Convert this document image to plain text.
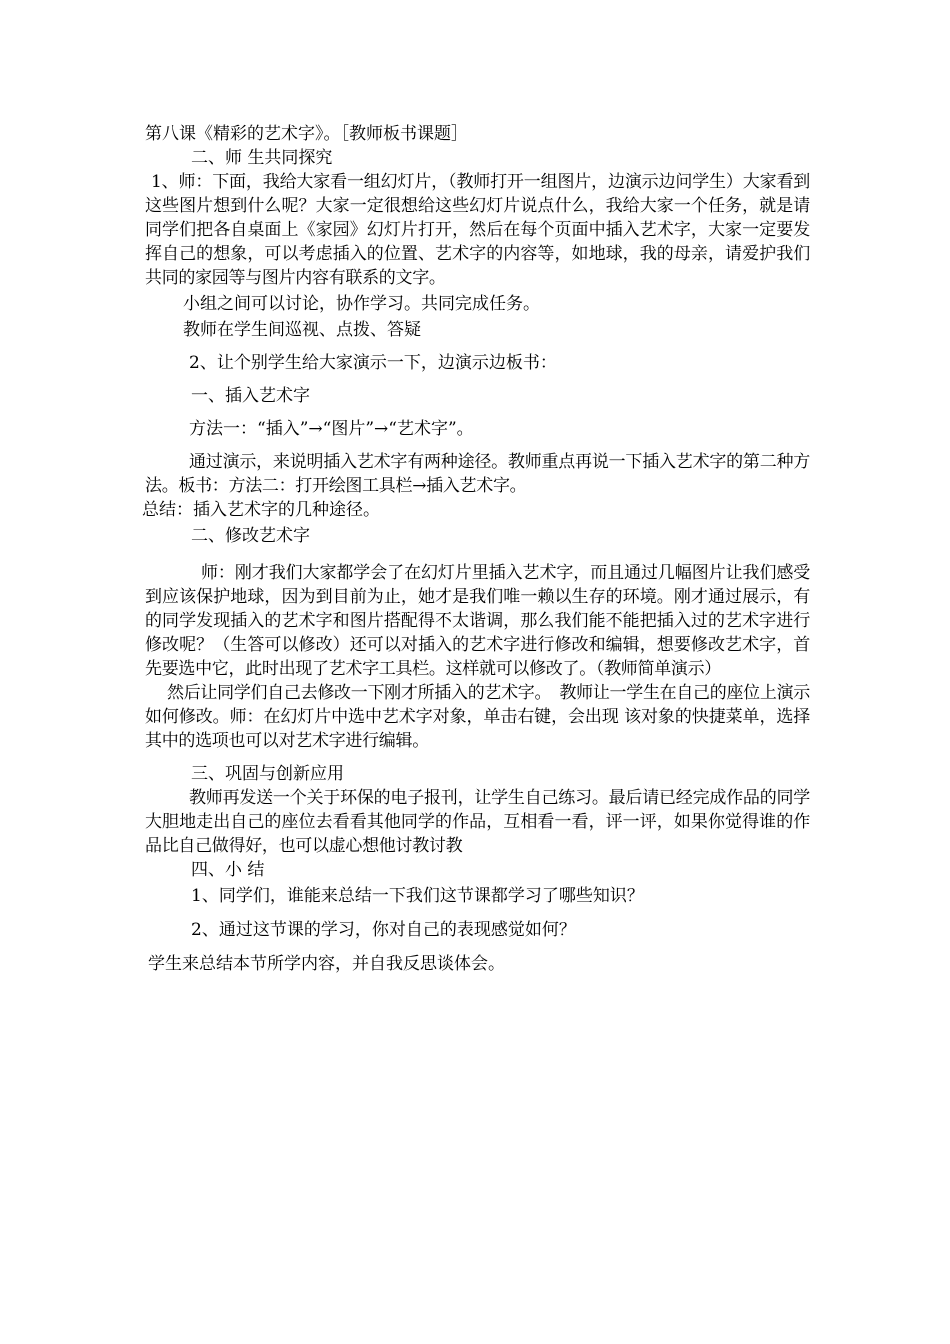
第八课《精彩的艺术字》。［教师板书课题］

二、师 生共同探究

1、师：下面，我给大家看一组幻灯片，（教师打开一组图片，边演示边问学生）大家看到这些图片想到什么呢？大家一定很想给这些幻灯片说点什么，我给大家一个任务，就是请同学们把各自桌面上《家园》幻灯片打开，然后在每个页面中插入艺术字，大家一定要发挥自己的想象，可以考虑插入的位置、艺术字的内容等，如地球，我的母亲，请爱护我们共同的家园等与图片内容有联系的文字。

小组之间可以讨论，协作学习。共同完成任务。

教师在学生间巡视、点拨、答疑

2、让个别学生给大家演示一下，边演示边板书：

一、插入艺术字

方法一：“插入”→“图片”→“艺术字”。

通过演示，来说明插入艺术字有两种途径。教师重点再说一下插入艺术字的第二种方法。板书：方法二：打开绘图工具栏→插入艺术字。

总结：插入艺术字的几种途径。

二、修改艺术字

师：刚才我们大家都学会了在幻灯片里插入艺术字，而且通过几幅图片让我们感受到应该保护地球，因为到目前为止，她才是我们唯一赖以生存的环境。刚才通过展示，有的同学发现插入的艺术字和图片搭配得不太谐调，那么我们能不能把插入过的艺术字进行修改呢？（生答可以修改）还可以对插入的艺术字进行修改和编辑，想要修改艺术字，首先要选中它，此时出现了艺术字工具栏。这样就可以修改了。（教师简单演示）

然后让同学们自己去修改一下刚才所插入的艺术字。　教师让一学生在自己的座位上演示如何修改。师：在幻灯片中选中艺术字对象，单击右键，会出现 该对象的快捷菜单，选择其中的选项也可以对艺术字进行编辑。

三、巩固与创新应用

教师再发送一个关于环保的电子报刊，让学生自己练习。最后请已经完成作品的同学大胆地走出自己的座位去看看其他同学的作品，互相看一看，评一评，如果你觉得谁的作品比自己做得好，也可以虚心想他讨教讨教

四、小 结

1、同学们，谁能来总结一下我们这节课都学习了哪些知识？

2、通过这节课的学习，你对自己的表现感觉如何？

学生来总结本节所学内容，并自我反思谈体会。
